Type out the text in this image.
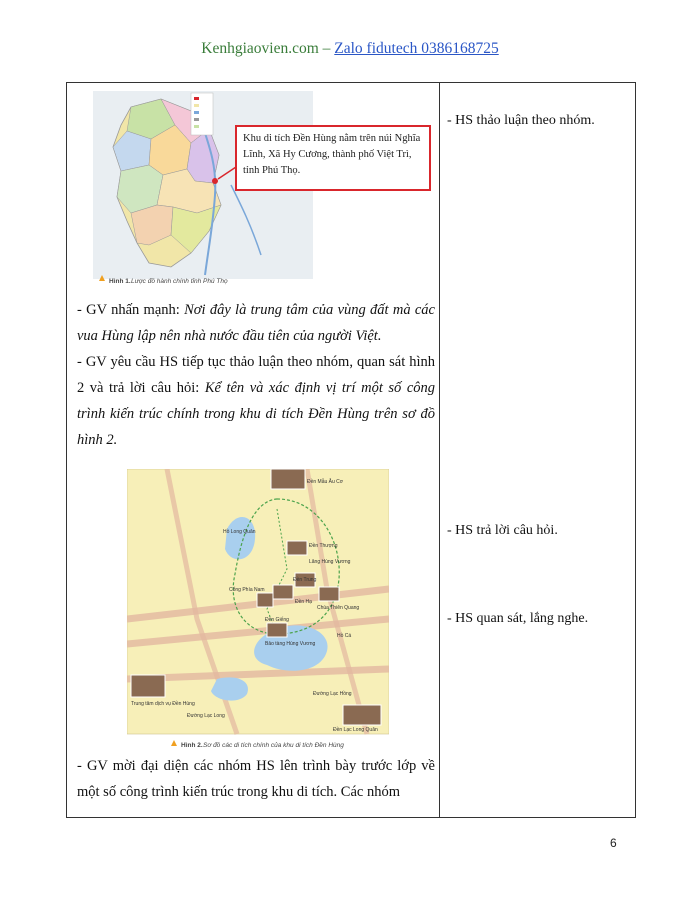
Kenhgiaovien.com – Zalo fidutech 0386168725
Hình 1. Lược đồ hành chính tỉnh Phú Thọ
Khu di tích Đền Hùng nằm trên núi Nghĩa Lĩnh, Xã Hy Cương, thành phố Việt Trì, tỉnh Phú Thọ.
- GV nhấn mạnh: Nơi đây là trung tâm của vùng đất mà các vua Hùng lập nên nhà nước đầu tiên của người Việt.
- GV yêu cầu HS tiếp tục thảo luận theo nhóm, quan sát hình 2 và trả lời câu hỏi: Kể tên và xác định vị trí một số công trình kiến trúc chính trong khu di tích Đền Hùng trên sơ đồ hình 2.
Đền Mẫu Âu Cơ
Đền Thượng
Lăng Hùng Vương
Đền Trung
Đền Hạ
Chùa Thiên Quang
Cổng Phía Nam
Đền Giếng
Bảo tàng Hùng Vương
Trung tâm dịch vụ Đền Hùng
Đền Lạc Long Quân
Đường Lạc Hồng
Đường Lạc Long
Hồ Long Quân
Hồ Cá
Hình 2. Sơ đồ các di tích chính của khu di tích Đền Hùng
- GV mời đại diện các nhóm HS lên trình bày trước lớp về một số công trình kiến trúc trong khu di tích. Các nhóm
- HS thảo luận theo nhóm.
- HS trả lời câu hỏi.
- HS quan sát, lắng nghe.
6
